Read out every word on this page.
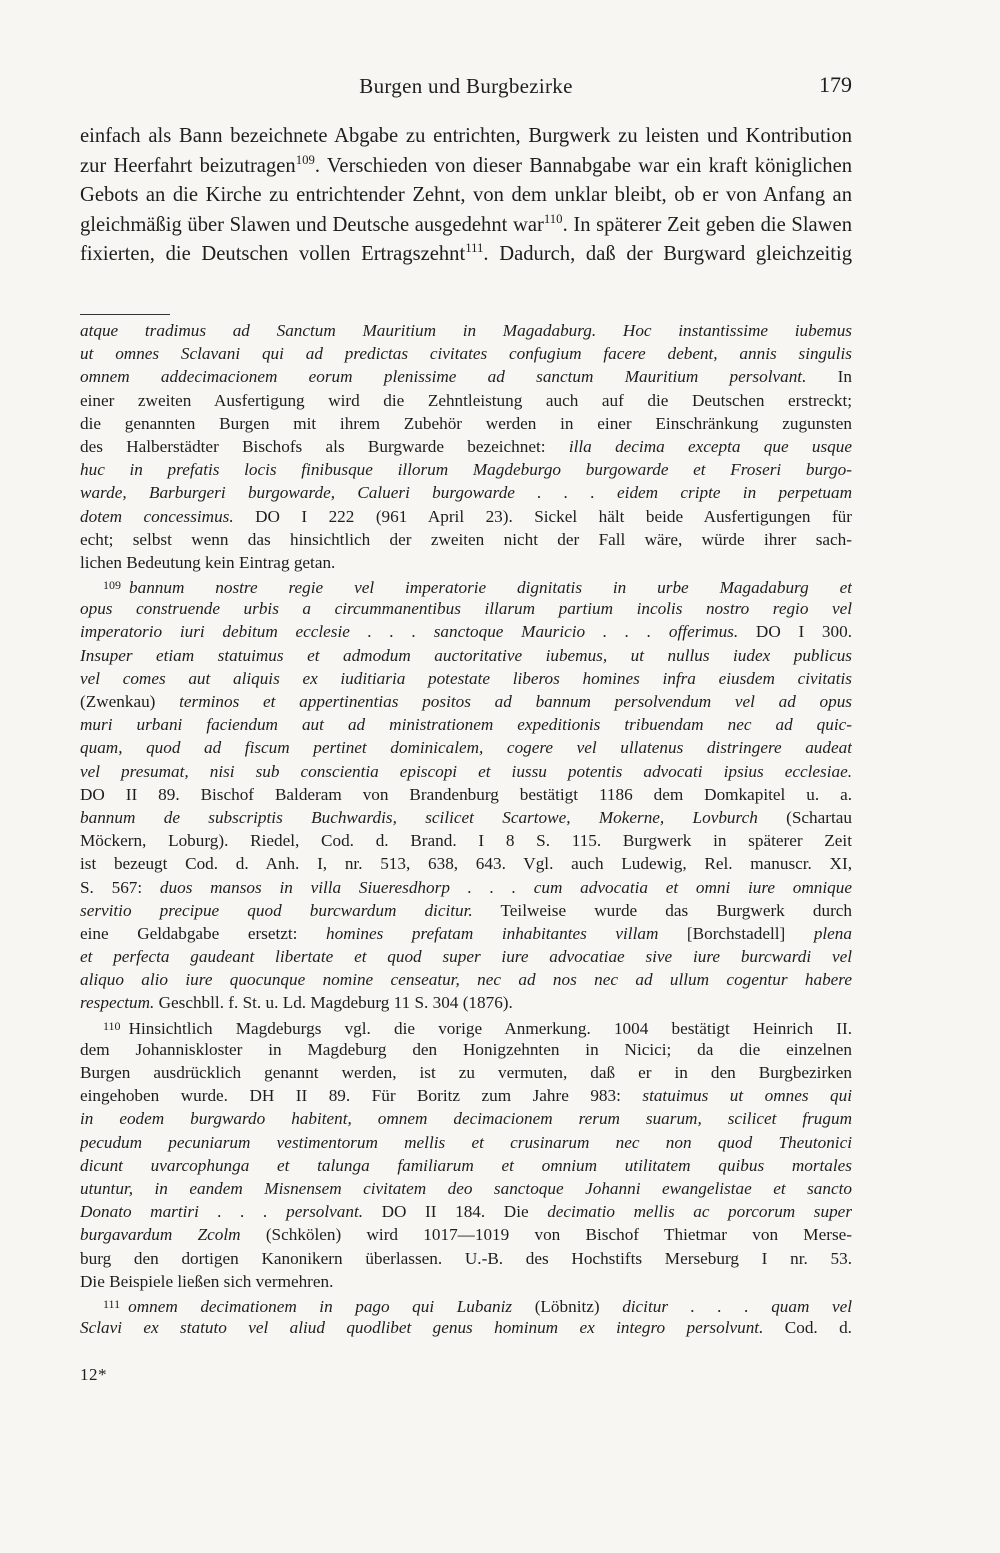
Burgen und Burgbezirke	179

einfach als Bann bezeichnete Abgabe zu entrichten, Burgwerk zu leisten und Kontribution zur Heerfahrt beizutragen$^{109}$. Verschieden von dieser Bannabgabe war ein kraft königlichen Gebots an die Kirche zu entrichtender Zehnt, von dem unklar bleibt, ob er von Anfang an gleichmäßig über Slawen und Deutsche ausgedehnt war$^{110}$. In späterer Zeit geben die Slawen fixierten, die Deutschen vollen Ertragszehnt$^{111}$. Dadurch, daß der Burgward gleichzeitig

atque tradimus ad Sanctum Mauritium in Magadaburg. Hoc instantissime iubemus

ut omnes Sclavani qui ad predictas civitates confugium facere debent, annis singulis

omnem addecimacionem eorum plenissime ad sanctum Mauritium persolvant. In

einer zweiten Ausfertigung wird die Zehntleistung auch auf die Deutschen erstreckt;

die genannten Burgen mit ihrem Zubehör werden in einer Einschränkung zugunsten

des Halberstädter Bischofs als Burgwarde bezeichnet: illa decima excepta que usque

huc in prefatis locis finibusque illorum Magdeburgo burgowarde et Froseri burgo-

warde, Barburgeri burgowarde, Calueri burgowarde . . . eidem cripte in perpetuam

dotem concessimus. DO I 222 (961 April 23). Sickel hält beide Ausfertigungen für

echt; selbst wenn das hinsichtlich der zweiten nicht der Fall wäre, würde ihrer sach-

lichen Bedeutung kein Eintrag getan.

$^{109}$ bannum nostre regie vel imperatorie dignitatis in urbe Magadaburg et

opus construende urbis a circummanentibus illarum partium incolis nostro regio vel

imperatorio iuri debitum ecclesie . . . sanctoque Mauricio . . . offerimus. DO I 300.

Insuper etiam statuimus et admodum auctoritative iubemus, ut nullus iudex publicus

vel comes aut aliquis ex iuditiaria potestate liberos homines infra eiusdem civitatis

(Zwenkau) terminos et appertinentias positos ad bannum persolvendum vel ad opus

muri urbani faciendum aut ad ministrationem expeditionis tribuendam nec ad quic-

quam, quod ad fiscum pertinet dominicalem, cogere vel ullatenus distringere audeat

vel presumat, nisi sub conscientia episcopi et iussu potentis advocati ipsius ecclesiae.

DO II 89. Bischof Balderam von Brandenburg bestätigt 1186 dem Domkapitel u. a.

bannum de subscriptis Buchwardis, scilicet Scartowe, Mokerne, Lovburch (Schartau

Möckern, Loburg). Riedel, Cod. d. Brand. I 8 S. 115. Burgwerk in späterer Zeit

ist bezeugt Cod. d. Anh. I, nr. 513, 638, 643. Vgl. auch Ludewig, Rel. manuscr. XI,

S. 567: duos mansos in villa Siueresdhorp . . . cum advocatia et omni iure omnique

servitio precipue quod burcwardum dicitur. Teilweise wurde das Burgwerk durch

eine Geldabgabe ersetzt: homines prefatam inhabitantes villam [Borchstadell] plena

et perfecta gaudeant libertate et quod super iure advocatiae sive iure burcwardi vel

aliquo alio iure quocunque nomine censeatur, nec ad nos nec ad ullum cogentur habere

respectum. Geschbll. f. St. u. Ld. Magdeburg 11 S. 304 (1876).

$^{110}$ Hinsichtlich Magdeburgs vgl. die vorige Anmerkung. 1004 bestätigt Heinrich II.

dem Johanniskloster in Magdeburg den Honigzehnten in Nicici; da die einzelnen

Burgen ausdrücklich genannt werden, ist zu vermuten, daß er in den Burgbezirken

eingehoben wurde. DH II 89. Für Boritz zum Jahre 983: statuimus ut omnes qui

in eodem burgwardo habitent, omnem decimacionem rerum suarum, scilicet frugum

pecudum pecuniarum vestimentorum mellis et crusinarum nec non quod Theutonici

dicunt uvarcophunga et talunga familiarum et omnium utilitatem quibus mortales

utuntur, in eandem Misnensem civitatem deo sanctoque Johanni ewangelistae et sancto

Donato martiri . . . persolvant. DO II 184. Die decimatio mellis ac porcorum super

burgavardum Zcolm (Schkölen) wird 1017—1019 von Bischof Thietmar von Merse-

burg den dortigen Kanonikern überlassen. U.-B. des Hochstifts Merseburg I nr. 53.

Die Beispiele ließen sich vermehren.

$^{111}$ omnem decimationem in pago qui Lubaniz (Löbnitz) dicitur . . . quam vel

Sclavi ex statuto vel aliud quodlibet genus hominum ex integro persolvunt. Cod. d.

12*
